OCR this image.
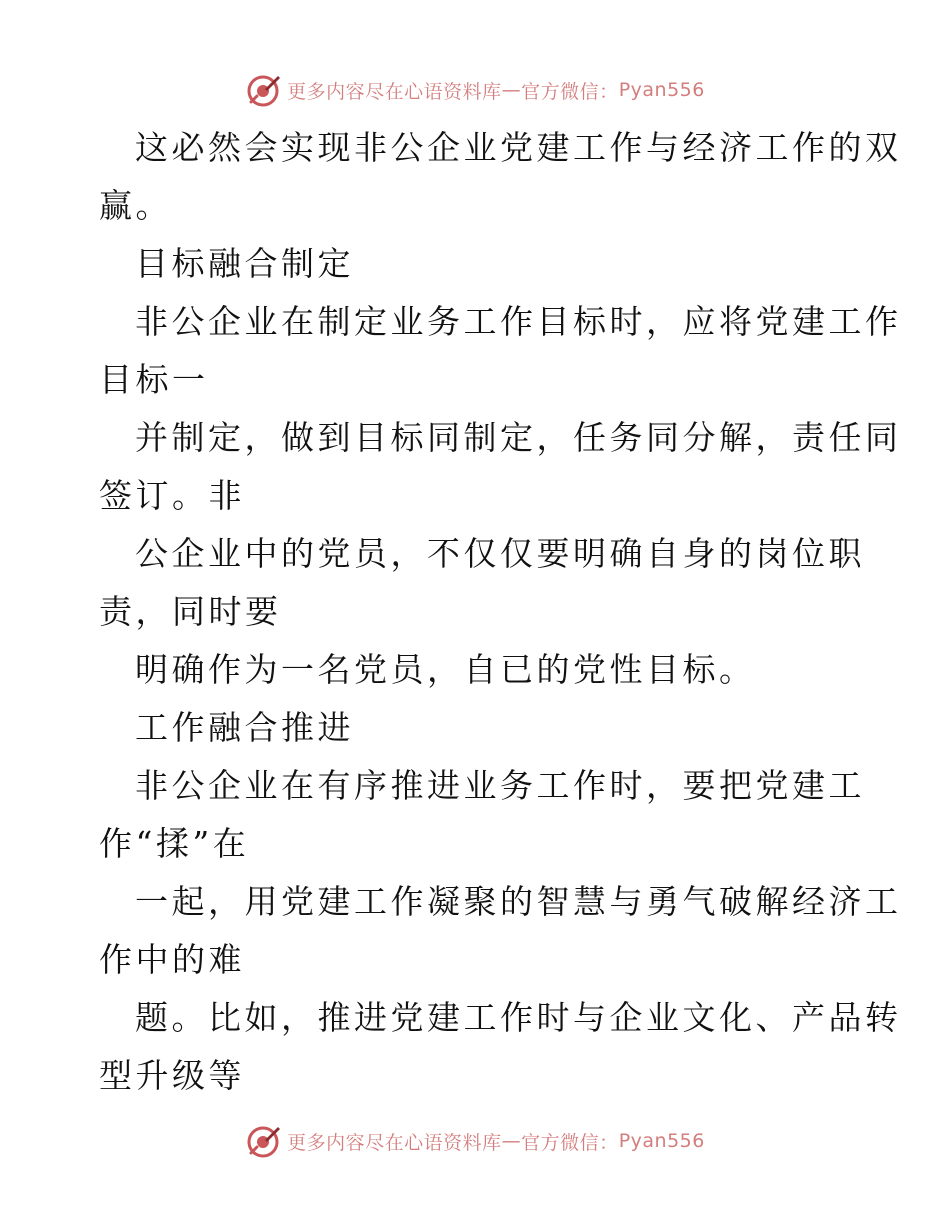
更多内容尽在心语资料库 — 官方微信： Pyan556
这必然会实现非公企业党建工作与经济工作的双
赢。
目标融合制定
非公企业在制定业务工作目标时，应将党建工作
目标一
并制定，做到目标同制定，任务同分解，责任同
签订。非
公企业中的党员，不仅仅要明确自身的岗位职
责，同时要
明确作为一名党员，自已的党性目标。
工作融合推进
非公企业在有序推进业务工作时，要把党建工
作“揉”在
一起，用党建工作凝聚的智慧与勇气破解经济工
作中的难
题。比如，推进党建工作时与企业文化、产品转
型升级等
更多内容尽在心语资料库 — 官方微信： Pyan556
